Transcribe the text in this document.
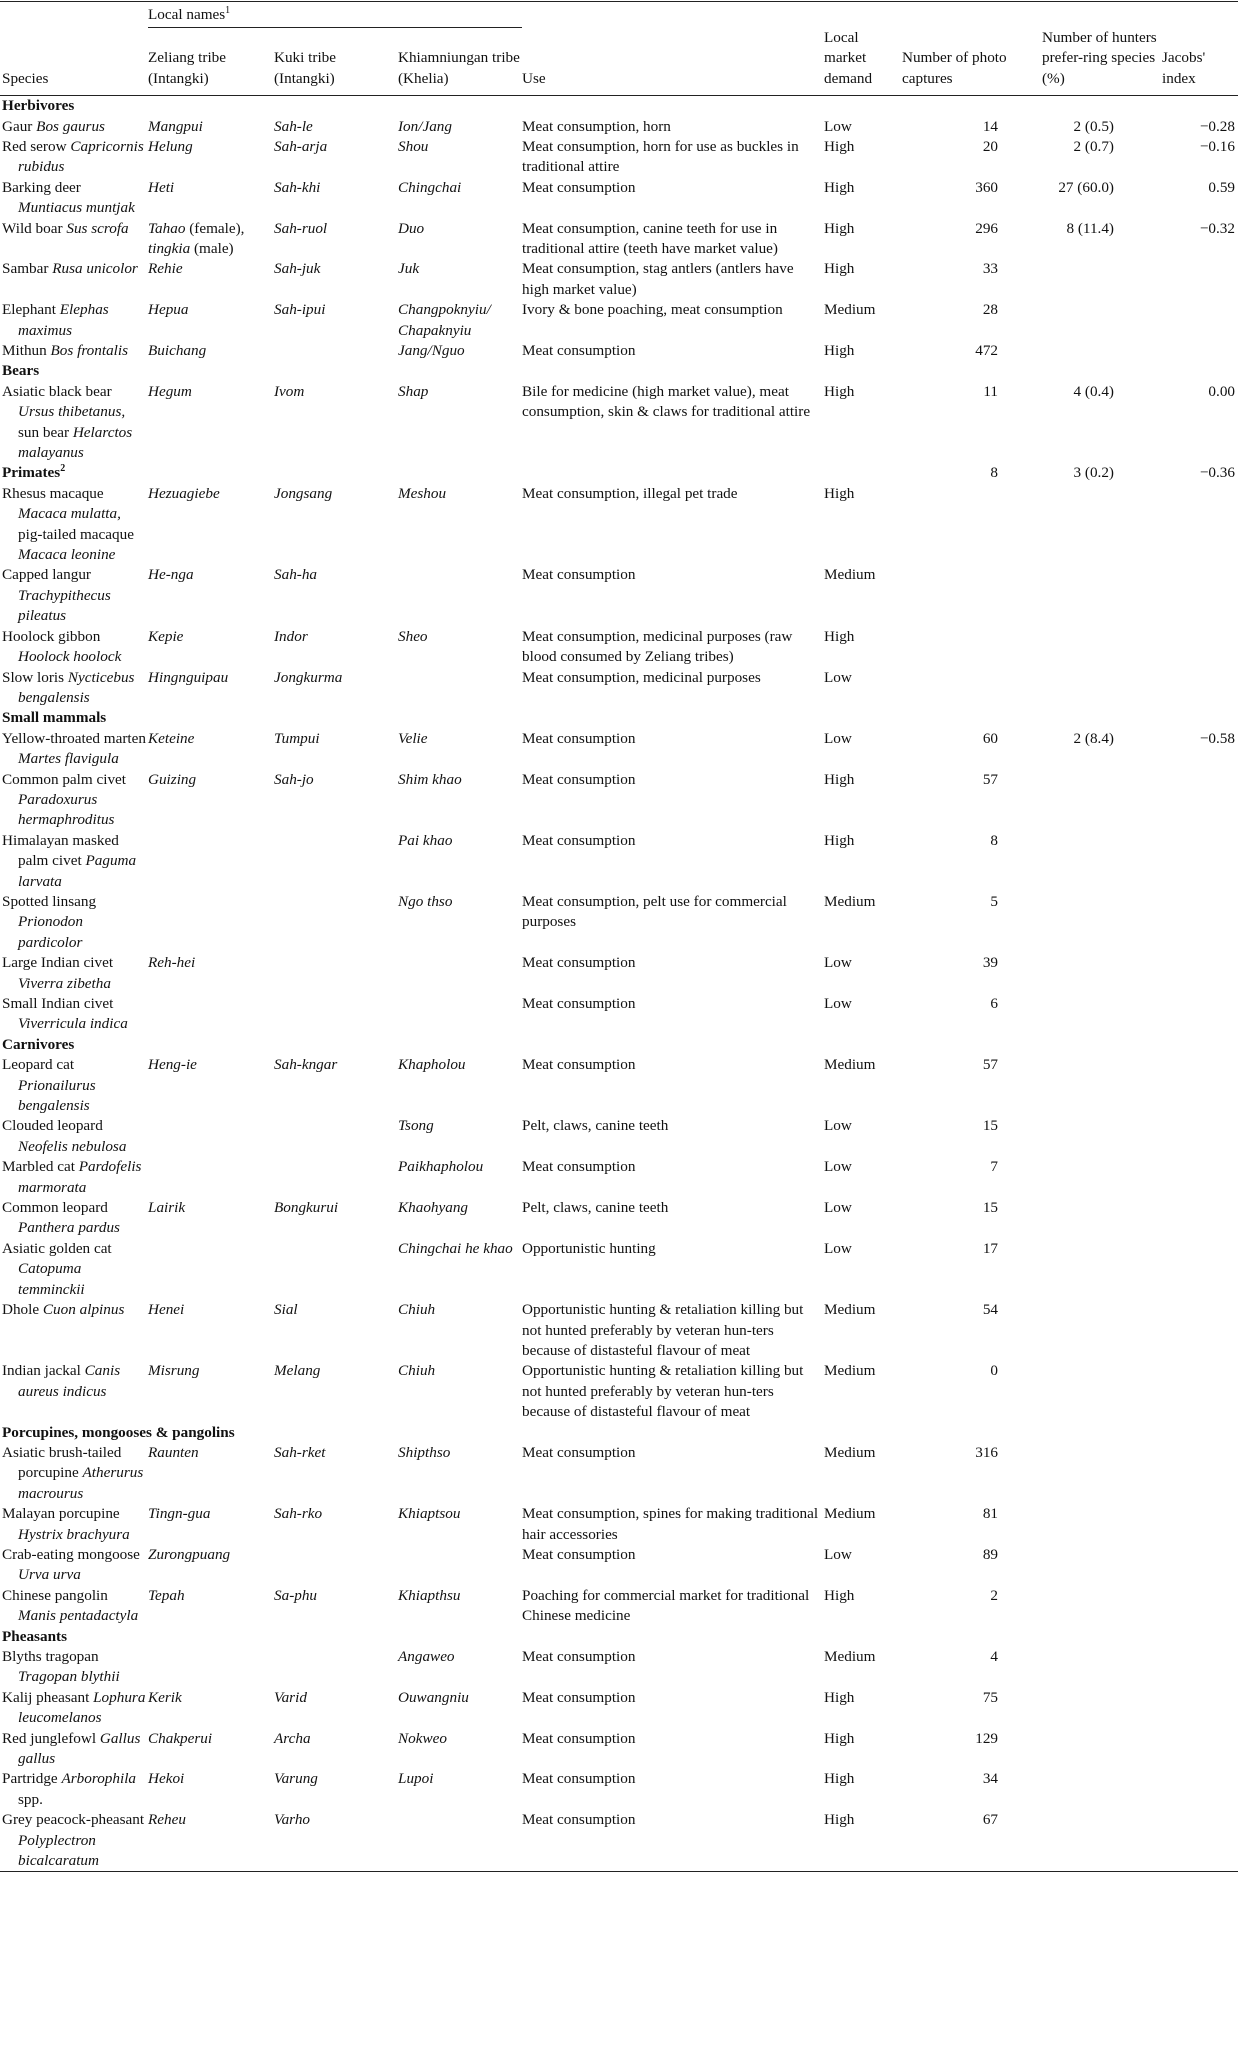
	Local names$^1$					
Species	Zeliang tribe (Intangki)	Kuki tribe (Intangki)	Khiamniungan tribe (Khelia)	Use	Local market demand	Number of photo captures	Number of hunters prefer-ring species (%)	Jacobs' index
Herbivores								
Gaur Bos gaurus	Mangpui	Sah-le	Ion/Jang	Meat consumption, horn	Low	14	2 (0.5)	−0.28
Red serow Capricornis rubidus	Helung	Sah-arja	Shou	Meat consumption, horn for use as buckles in traditional attire	High	20	2 (0.7)	−0.16
Barking deer Muntiacus muntjak	Heti	Sah-khi	Chingchai	Meat consumption	High	360	27 (60.0)	0.59
Wild boar Sus scrofa	Tahao (female), tingkia (male)	Sah-ruol	Duo	Meat consumption, canine teeth for use in traditional attire (teeth have market value)	High	296	8 (11.4)	−0.32
Sambar Rusa unicolor	Rehie	Sah-juk	Juk	Meat consumption, stag antlers (antlers have high market value)	High	33		
Elephant Elephas maximus	Hepua	Sah-ipui	Changpoknyiu/ Chapaknyiu	Ivory & bone poaching, meat consumption	Medium	28		
Mithun Bos frontalis	Buichang		Jang/Nguo	Meat consumption	High	472		
Bears								
Asiatic black bear Ursus thibetanus, sun bear Helarctos malayanus	Hegum	Ivom	Shap	Bile for medicine (high market value), meat consumption, skin & claws for traditional attire	High	11	4 (0.4)	0.00
Primates$^2$						8	3 (0.2)	−0.36
Rhesus macaque Macaca mulatta, pig-tailed macaque Macaca leonine	Hezuagiebe	Jongsang	Meshou	Meat consumption, illegal pet trade	High			
Capped langur Trachypithecus pileatus	He-nga	Sah-ha		Meat consumption	Medium			
Hoolock gibbon Hoolock hoolock	Kepie	Indor	Sheo	Meat consumption, medicinal purposes (raw blood consumed by Zeliang tribes)	High			
Slow loris Nycticebus bengalensis	Hingnguipau	Jongkurma		Meat consumption, medicinal purposes	Low			
Small mammals								
Yellow-throated marten Martes flavigula	Keteine	Tumpui	Velie	Meat consumption	Low	60	2 (8.4)	−0.58
Common palm civet Paradoxurus hermaphroditus	Guizing	Sah-jo	Shim khao	Meat consumption	High	57		
Himalayan masked palm civet Paguma larvata			Pai khao	Meat consumption	High	8		
Spotted linsang Prionodon pardicolor			Ngo thso	Meat consumption, pelt use for commercial purposes	Medium	5		
Large Indian civet Viverra zibetha	Reh-hei			Meat consumption	Low	39		
Small Indian civet Viverricula indica				Meat consumption	Low	6		
Carnivores								
Leopard cat Prionailurus bengalensis	Heng-ie	Sah-kngar	Khapholou	Meat consumption	Medium	57		
Clouded leopard Neofelis nebulosa			Tsong	Pelt, claws, canine teeth	Low	15		
Marbled cat Pardofelis marmorata			Paikhapholou	Meat consumption	Low	7		
Common leopard Panthera pardus	Lairik	Bongkurui	Khaohyang	Pelt, claws, canine teeth	Low	15		
Asiatic golden cat Catopuma temminckii			Chingchai he khao	Opportunistic hunting	Low	17		
Dhole Cuon alpinus	Henei	Sial	Chiuh	Opportunistic hunting & retaliation killing but not hunted preferably by veteran hun-ters because of distasteful flavour of meat	Medium	54		
Indian jackal Canis aureus indicus	Misrung	Melang	Chiuh	Opportunistic hunting & retaliation killing but not hunted preferably by veteran hun-ters because of distasteful flavour of meat	Medium	0		
Porcupines, mongooses & pangolins								
Asiatic brush-tailed porcupine Atherurus macrourus	Raunten	Sah-rket	Shipthso	Meat consumption	Medium	316		
Malayan porcupine Hystrix brachyura	Tingn-gua	Sah-rko	Khiaptsou	Meat consumption, spines for making traditional hair accessories	Medium	81		
Crab-eating mongoose Urva urva	Zurongpuang			Meat consumption	Low	89		
Chinese pangolin Manis pentadactyla	Tepah	Sa-phu	Khiapthsu	Poaching for commercial market for traditional Chinese medicine	High	2		
Pheasants								
Blyths tragopan Tragopan blythii			Angaweo	Meat consumption	Medium	4		
Kalij pheasant Lophura leucomelanos	Kerik	Varid	Ouwangniu	Meat consumption	High	75		
Red junglefowl Gallus gallus	Chakperui	Archa	Nokweo	Meat consumption	High	129		
Partridge Arborophila spp.	Hekoi	Varung	Lupoi	Meat consumption	High	34		
Grey peacock-pheasant Polyplectron bicalcaratum	Reheu	Varho		Meat consumption	High	67		
